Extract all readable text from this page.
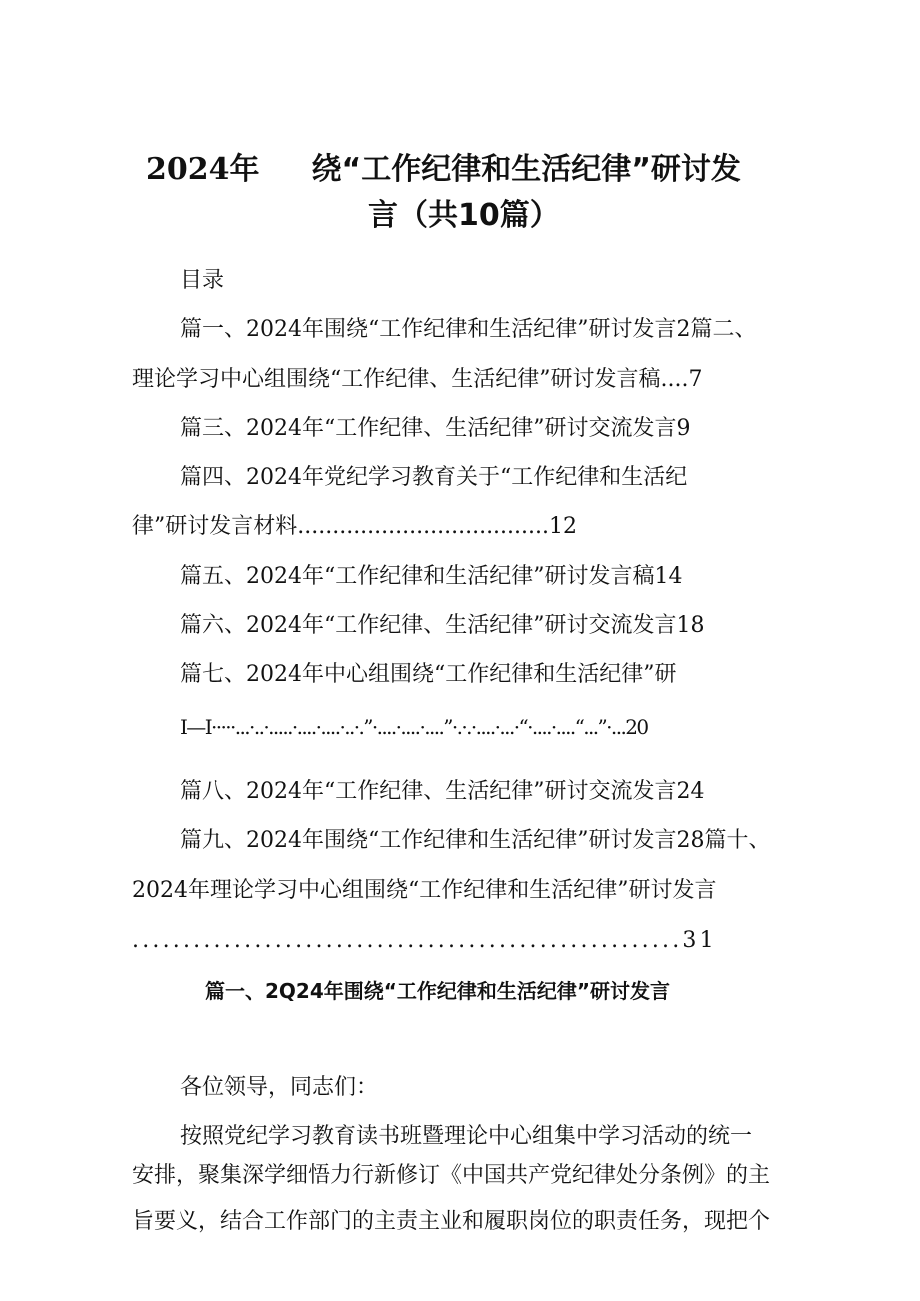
2024年 绕“工作纪律和生活纪律”研讨发
言（共10篇）
目录
篇一、2024年围绕“工作纪律和生活纪律”研讨发言2篇二、
理论学习中心组围绕“工作纪律、生活纪律”研讨发言稿....7
篇三、2024年“工作纪律、生活纪律”研讨交流发言9
篇四、2024年党纪学习教育关于“工作纪律和生活纪
律”研讨发言材料....................................12
篇五、2024年“工作纪律和生活纪律”研讨发言稿14
篇六、2024年“工作纪律、生活纪律”研讨交流发言18
篇七、2024年中心组围绕“工作纪律和生活纪律”研
I—I·····...·..·.....·....·....·..·.”·....·....·....”·.·.·....·...·“·....·....“...”·...20
篇八、2024年“工作纪律、生活纪律”研讨交流发言24
篇九、2024年围绕“工作纪律和生活纪律”研讨发言28篇十、
2024年理论学习中心组围绕“工作纪律和生活纪律”研讨发言
......................................................31
篇一、2Q24年围绕“工作纪律和生活纪律”研讨发言
各位领导，同志们：
按照党纪学习教育读书班暨理论中心组集中学习活动的统一
安排，聚集深学细悟力行新修订《中国共产党纪律处分条例》的主
旨要义，结合工作部门的主责主业和履职岗位的职责任务，现把个
